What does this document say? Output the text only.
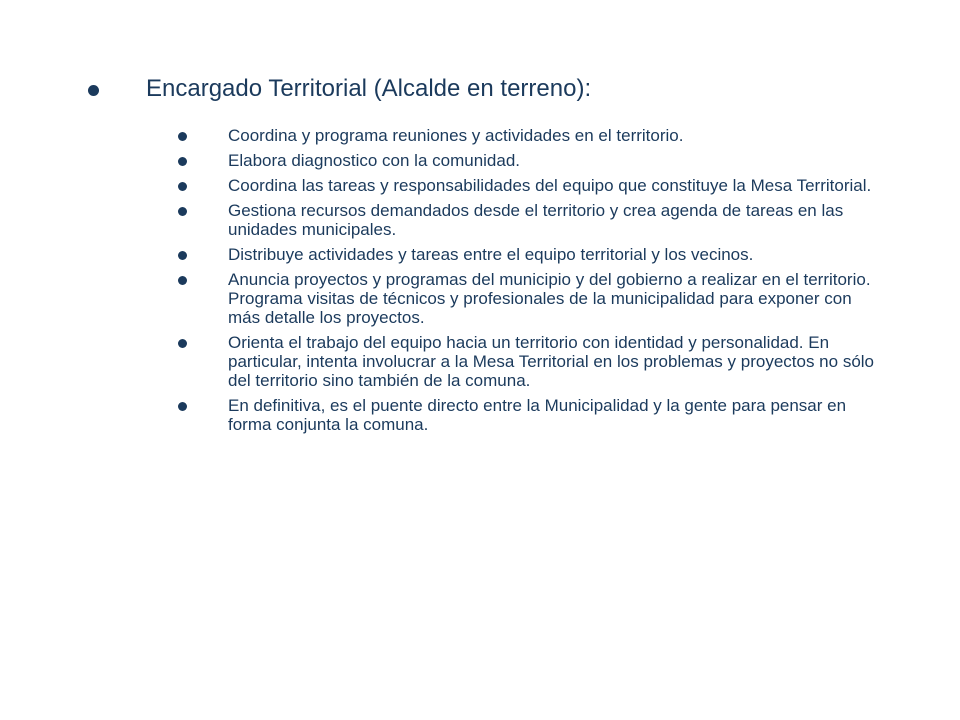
Encargado Territorial (Alcalde en terreno):
Coordina y programa reuniones y actividades en el territorio.
Elabora diagnostico con la comunidad.
Coordina las tareas y responsabilidades del equipo que constituye la Mesa Territorial.
Gestiona recursos demandados desde el territorio y crea agenda de tareas en las unidades municipales.
Distribuye actividades y tareas entre el equipo territorial y los vecinos.
Anuncia proyectos y programas del municipio y del gobierno a realizar en el territorio. Programa visitas de técnicos y profesionales de la municipalidad para exponer con más detalle los proyectos.
Orienta el trabajo del equipo hacia un territorio con identidad y personalidad. En particular, intenta involucrar a la Mesa Territorial en los problemas y proyectos no sólo del territorio sino también de la comuna.
En definitiva, es el puente directo entre la Municipalidad y la gente para pensar en forma conjunta la comuna.
